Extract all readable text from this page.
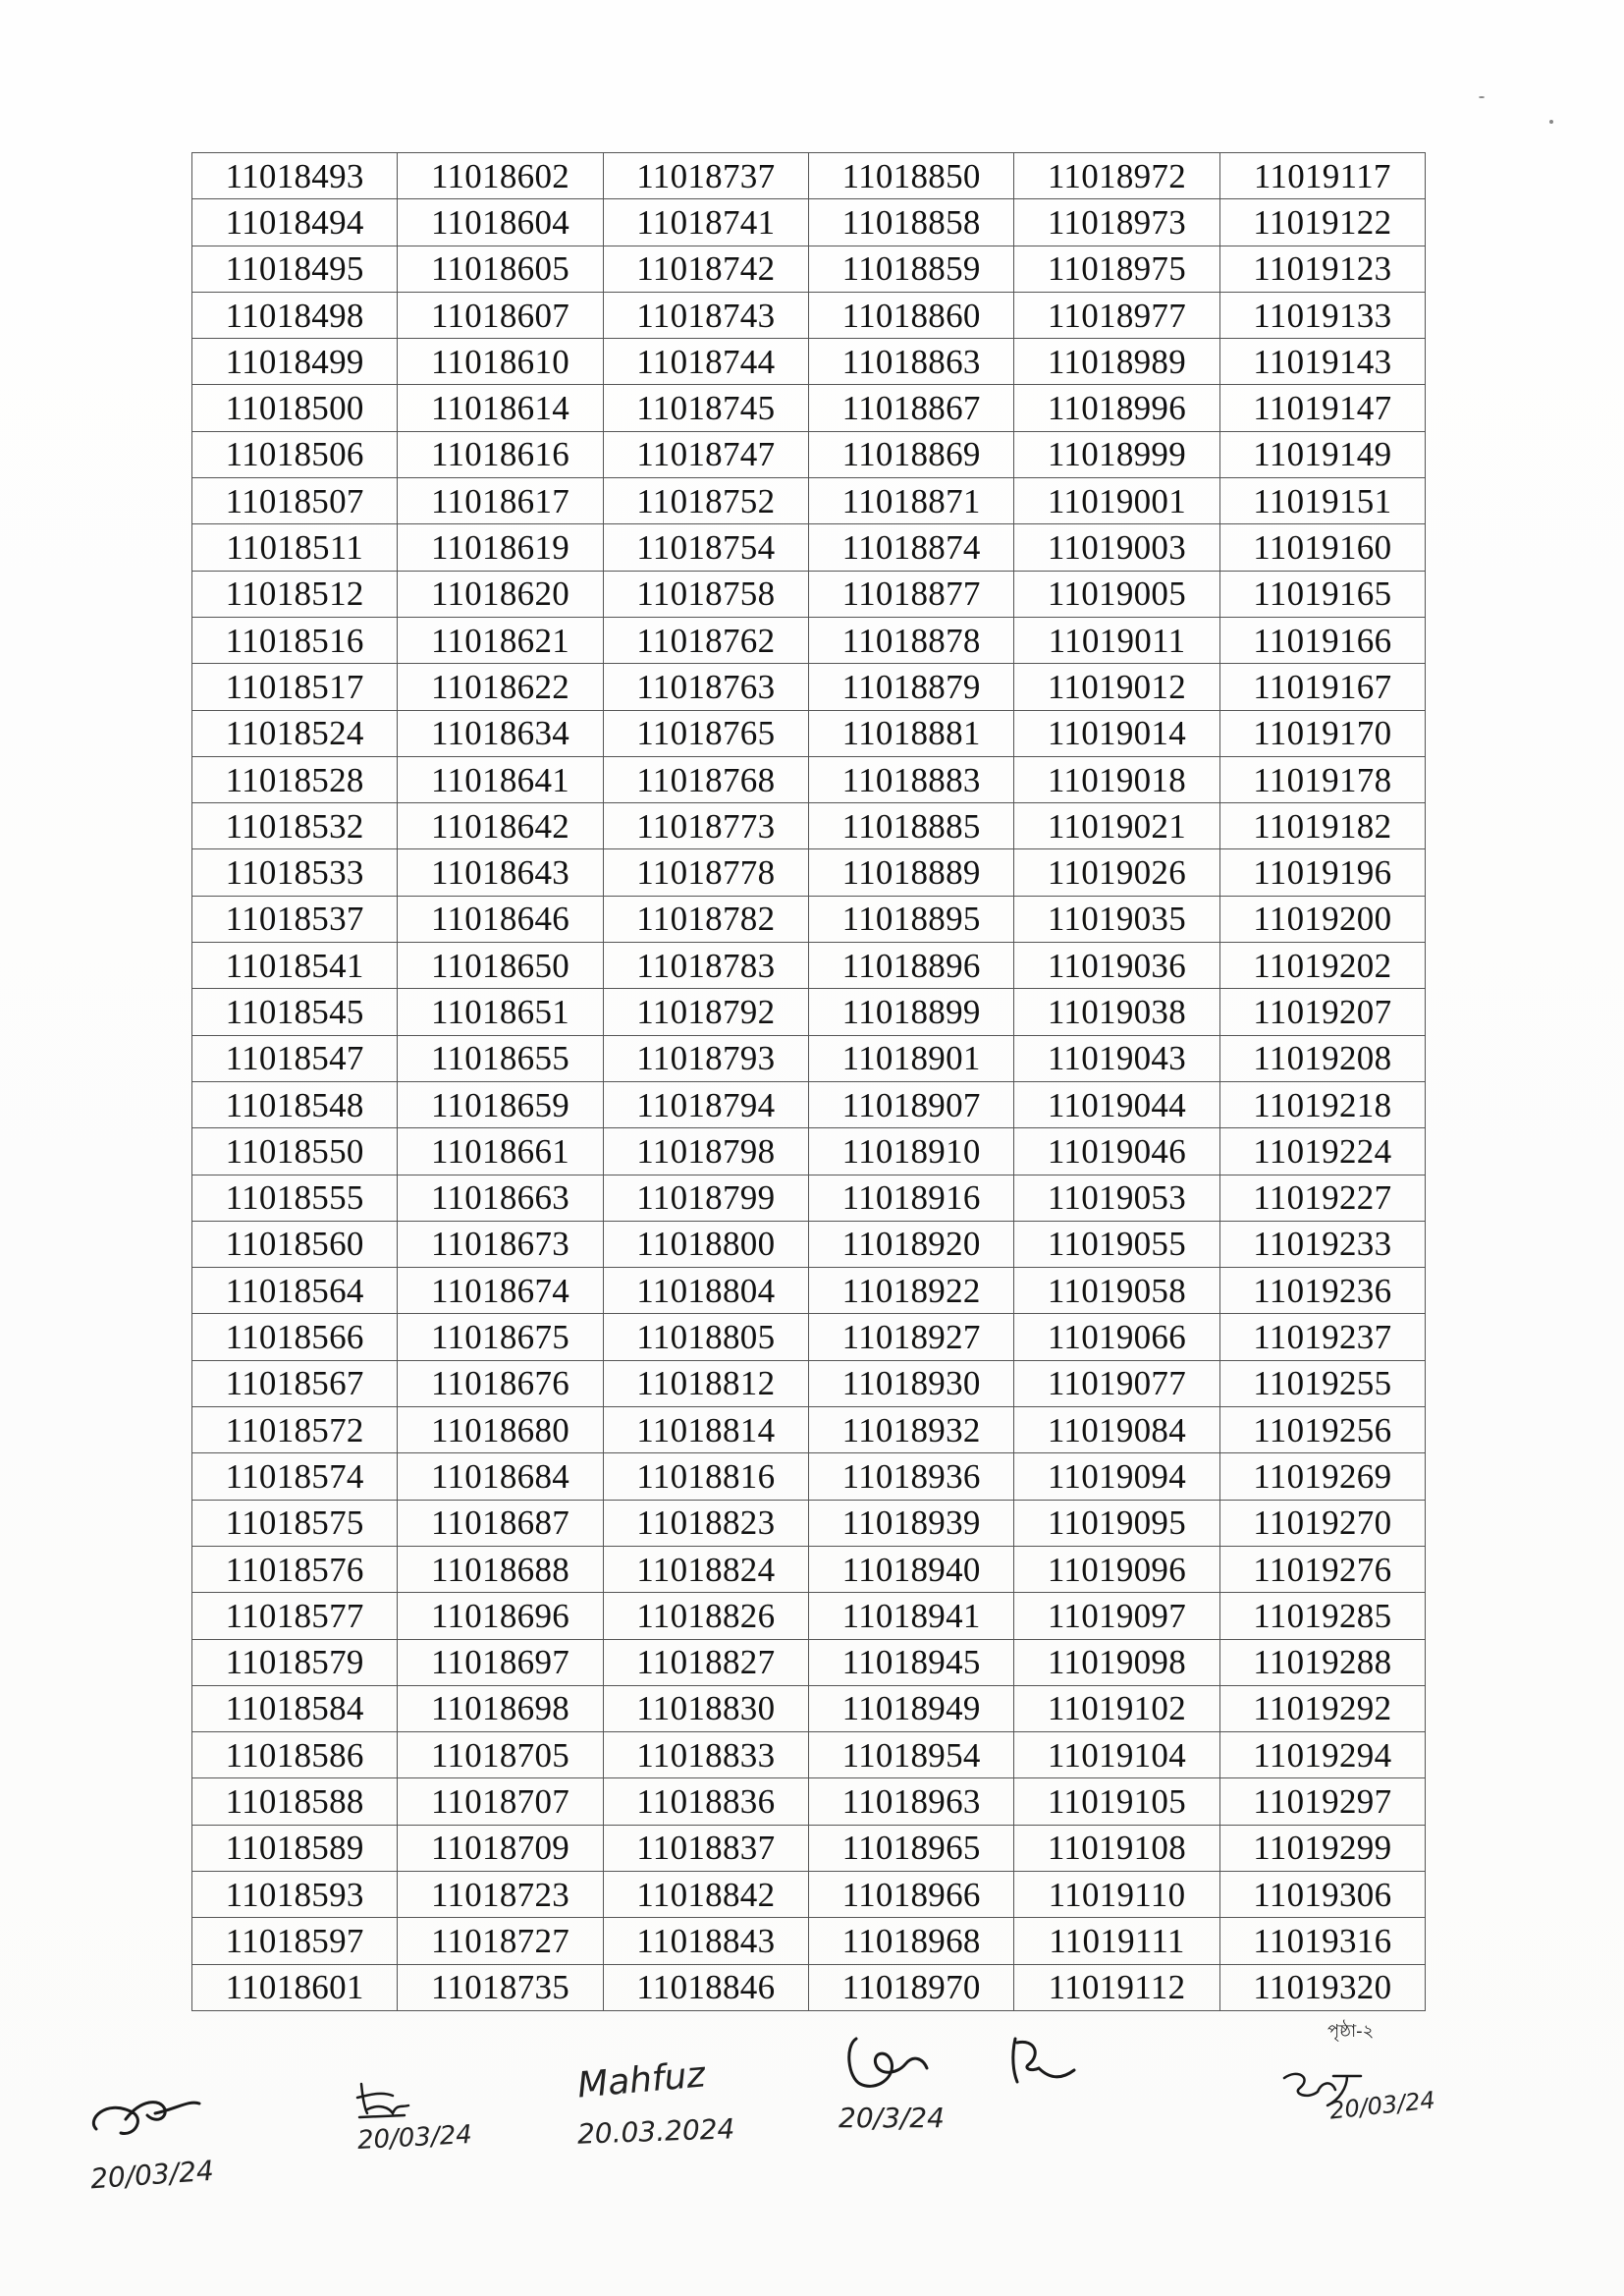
11018493	11018602	11018737	11018850	11018972	11019117
11018494	11018604	11018741	11018858	11018973	11019122
11018495	11018605	11018742	11018859	11018975	11019123
11018498	11018607	11018743	11018860	11018977	11019133
11018499	11018610	11018744	11018863	11018989	11019143
11018500	11018614	11018745	11018867	11018996	11019147
11018506	11018616	11018747	11018869	11018999	11019149
11018507	11018617	11018752	11018871	11019001	11019151
11018511	11018619	11018754	11018874	11019003	11019160
11018512	11018620	11018758	11018877	11019005	11019165
11018516	11018621	11018762	11018878	11019011	11019166
11018517	11018622	11018763	11018879	11019012	11019167
11018524	11018634	11018765	11018881	11019014	11019170
11018528	11018641	11018768	11018883	11019018	11019178
11018532	11018642	11018773	11018885	11019021	11019182
11018533	11018643	11018778	11018889	11019026	11019196
11018537	11018646	11018782	11018895	11019035	11019200
11018541	11018650	11018783	11018896	11019036	11019202
11018545	11018651	11018792	11018899	11019038	11019207
11018547	11018655	11018793	11018901	11019043	11019208
11018548	11018659	11018794	11018907	11019044	11019218
11018550	11018661	11018798	11018910	11019046	11019224
11018555	11018663	11018799	11018916	11019053	11019227
11018560	11018673	11018800	11018920	11019055	11019233
11018564	11018674	11018804	11018922	11019058	11019236
11018566	11018675	11018805	11018927	11019066	11019237
11018567	11018676	11018812	11018930	11019077	11019255
11018572	11018680	11018814	11018932	11019084	11019256
11018574	11018684	11018816	11018936	11019094	11019269
11018575	11018687	11018823	11018939	11019095	11019270
11018576	11018688	11018824	11018940	11019096	11019276
11018577	11018696	11018826	11018941	11019097	11019285
11018579	11018697	11018827	11018945	11019098	11019288
11018584	11018698	11018830	11018949	11019102	11019292
11018586	11018705	11018833	11018954	11019104	11019294
11018588	11018707	11018836	11018963	11019105	11019297
11018589	11018709	11018837	11018965	11019108	11019299
11018593	11018723	11018842	11018966	11019110	11019306
11018597	11018727	11018843	11018968	11019111	11019316
11018601	11018735	11018846	11018970	11019112	11019320
পৃষ্ঠা-২
20/03/24
20/03/24
Mahfuz
20.03.2024	20/3/24	20/03/24
